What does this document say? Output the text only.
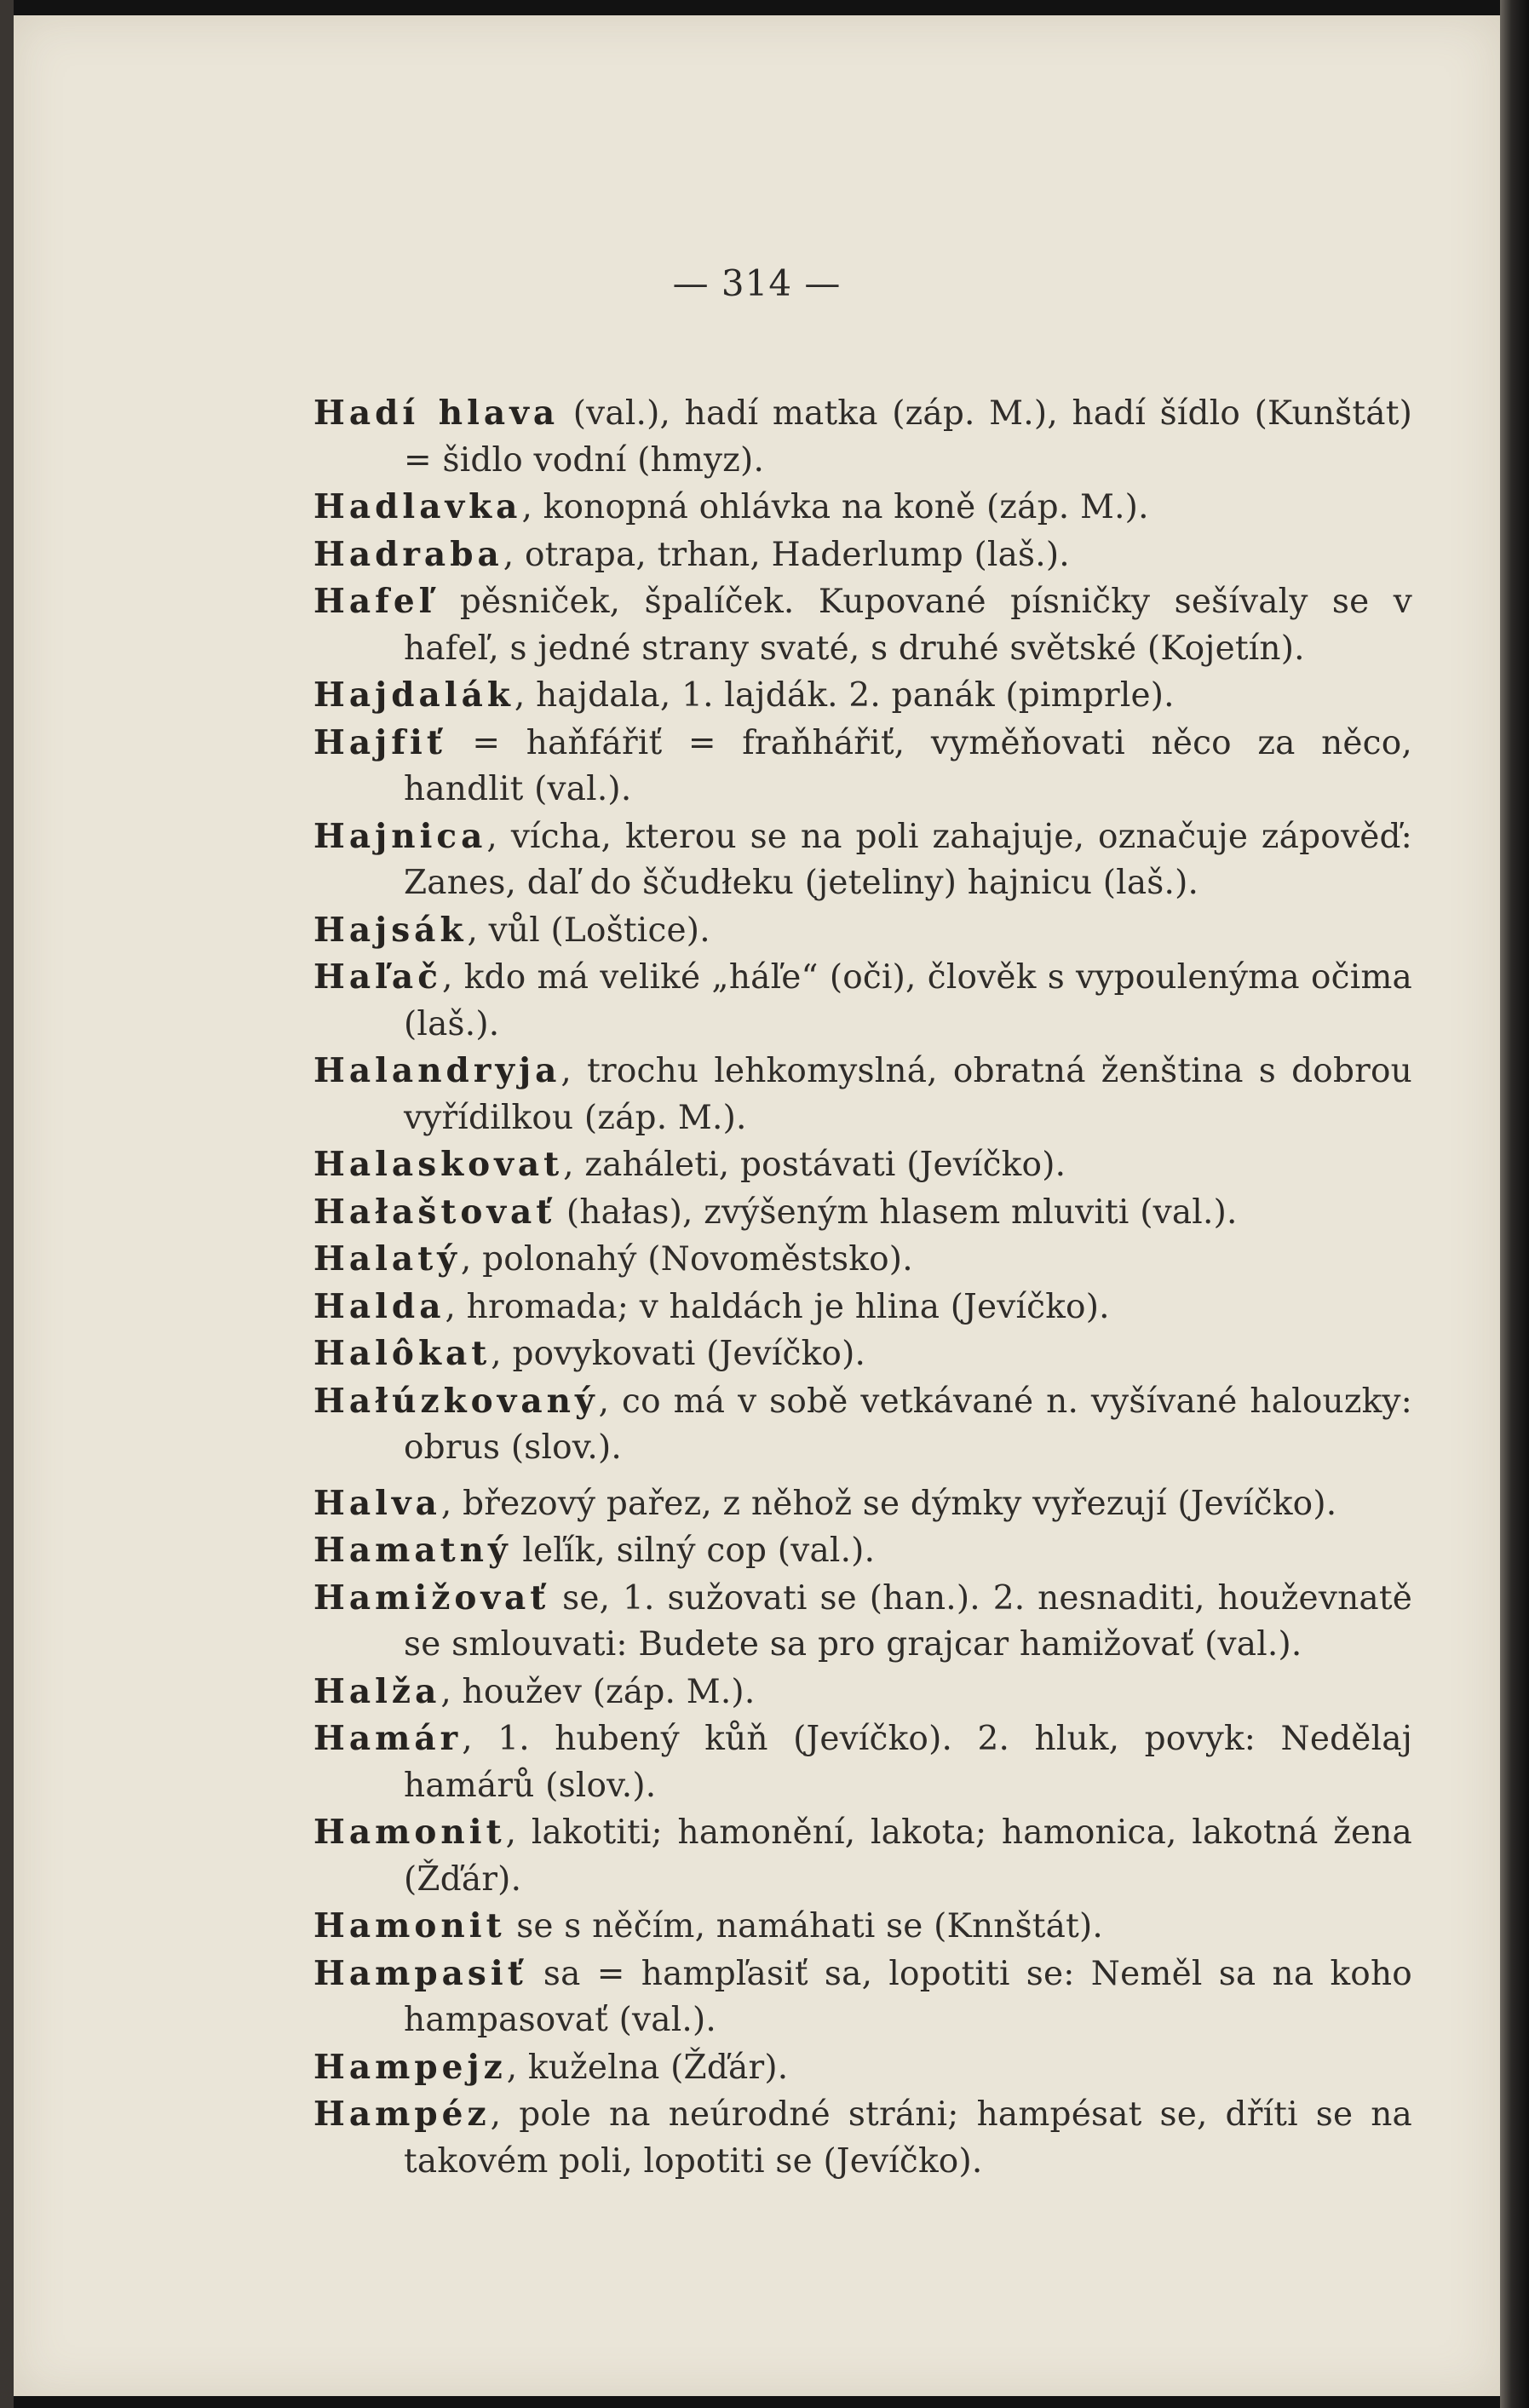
— 314 —
Hadí hlava (val.), hadí matka (záp. M.), hadí šídlo (Kunštát) = šidlo vodní (hmyz).
Hadlavka, konopná ohlávka na koně (záp. M.).
Hadraba, otrapa, trhan, Haderlump (laš.).
Hafeľ pěsniček, špalíček. Kupované písničky sešívaly se v hafeľ, s jedné strany svaté, s druhé světské (Kojetín).
Hajdalák, hajdala, 1. lajdák. 2. panák (pimprle).
Hajfiť = haňfářiť = fraňhářiť, vyměňovati něco za něco, handlit (val.).
Hajnica, vícha, kterou se na poli zahajuje, označuje zápověď: Zanes, daľ do ščudłeku (jeteliny) hajnicu (laš.).
Hajsák, vůl (Loštice).
Haľač, kdo má veliké „háľe“ (oči), člověk s vypoulenýma očima (laš.).
Halandryja, trochu lehkomyslná, obratná ženština s dobrou vyřídilkou (záp. M.).
Halaskovat, zaháleti, postávati (Jevíčko).
Hałaštovať (hałas), zvýšeným hlasem mluviti (val.).
Halatý, polonahý (Novoměstsko).
Halda, hromada; v haldách je hlina (Jevíčko).
Halôkat, povykovati (Jevíčko).
Hałúzkovaný, co má v sobě vetkávané n. vyšívané halouzky: obrus (slov.).
Halva, březový pařez, z něhož se dýmky vyřezují (Jevíčko).
Hamatný leľík, silný cop (val.).
Hamižovať se, 1. sužovati se (han.). 2. nesnaditi, houževnatě se smlouvati: Budete sa pro grajcar hamižovať (val.).
Halža, houžev (záp. M.).
Hamár, 1. hubený kůň (Jevíčko). 2. hluk, povyk: Nedělaj hamárů (slov.).
Hamonit, lakotiti; hamonění, lakota; hamonica, lakotná žena (Žďár).
Hamonit se s něčím, namáhati se (Knnštát).
Hampasiť sa = hampľasiť sa, lopotiti se: Neměl sa na koho hampasovať (val.).
Hampejz, kuželna (Žďár).
Hampéz, pole na neúrodné stráni; hampésat se, dříti se na takovém poli, lopotiti se (Jevíčko).
